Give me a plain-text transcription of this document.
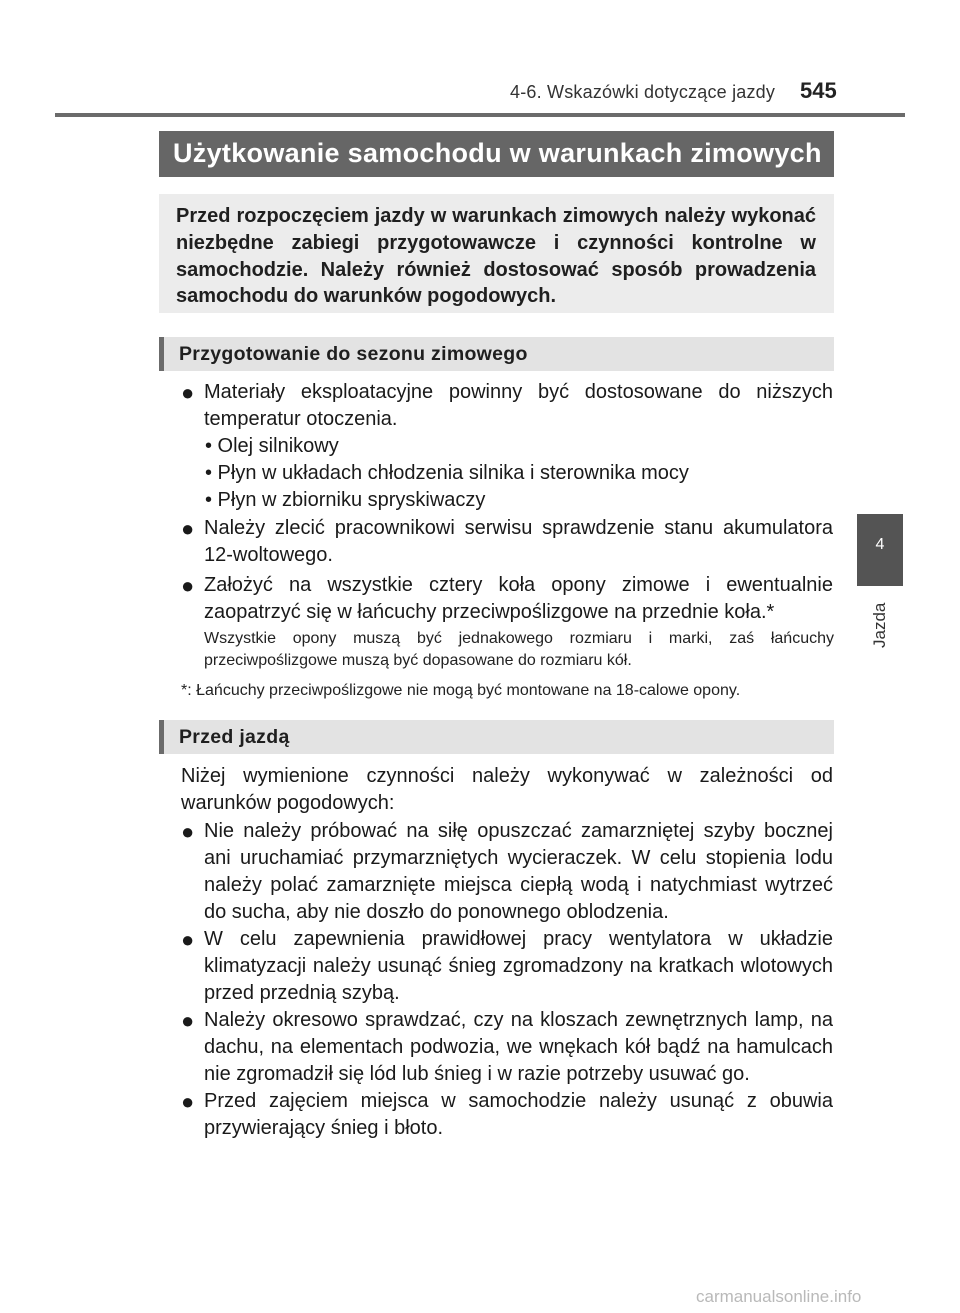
4-6. Wskazówki dotyczące jazdy 545
4
Jazda
Użytkowanie samochodu w warunkach zimowych
Przed rozpoczęciem jazdy w warunkach zimowych należy wykonać niezbędne zabiegi przygotowawcze i czynności kontrolne w samochodzie. Należy również dostosować sposób prowadzenia samochodu do warunków pogodowych.
Przygotowanie do sezonu zimowego
● Materiały eksploatacyjne powinny być dostosowane do niższych temperatur otoczenia.
• Olej silnikowy
• Płyn w układach chłodzenia silnika i sterownika mocy
• Płyn w zbiorniku spryskiwaczy
● Należy zlecić pracownikowi serwisu sprawdzenie stanu akumulatora 12-woltowego.
● Założyć na wszystkie cztery koła opony zimowe i ewentualnie zaopatrzyć się w łańcuchy przeciwpoślizgowe na przednie koła.*
Wszystkie opony muszą być jednakowego rozmiaru i marki, zaś łańcuchy przeciwpoślizgowe muszą być dopasowane do rozmiaru kół.
*: Łańcuchy przeciwpoślizgowe nie mogą być montowane na 18-calowe opony.
Przed jazdą
Niżej wymienione czynności należy wykonywać w zależności od warunków pogodowych:
● Nie należy próbować na siłę opuszczać zamarzniętej szyby bocznej ani uruchamiać przymarzniętych wycieraczek. W celu stopienia lodu należy polać zamarznięte miejsca ciepłą wodą i natychmiast wytrzeć do sucha, aby nie doszło do ponownego oblodzenia.
● W celu zapewnienia prawidłowej pracy wentylatora w układzie klimatyzacji należy usunąć śnieg zgromadzony na kratkach wlotowych przed przednią szybą.
● Należy okresowo sprawdzać, czy na kloszach zewnętrznych lamp, na dachu, na elementach podwozia, we wnękach kół bądź na hamulcach nie zgromadził się lód lub śnieg i w razie potrzeby usuwać go.
● Przed zajęciem miejsca w samochodzie należy usunąć z obuwia przywierający śnieg i błoto.
carmanualsonline.info
